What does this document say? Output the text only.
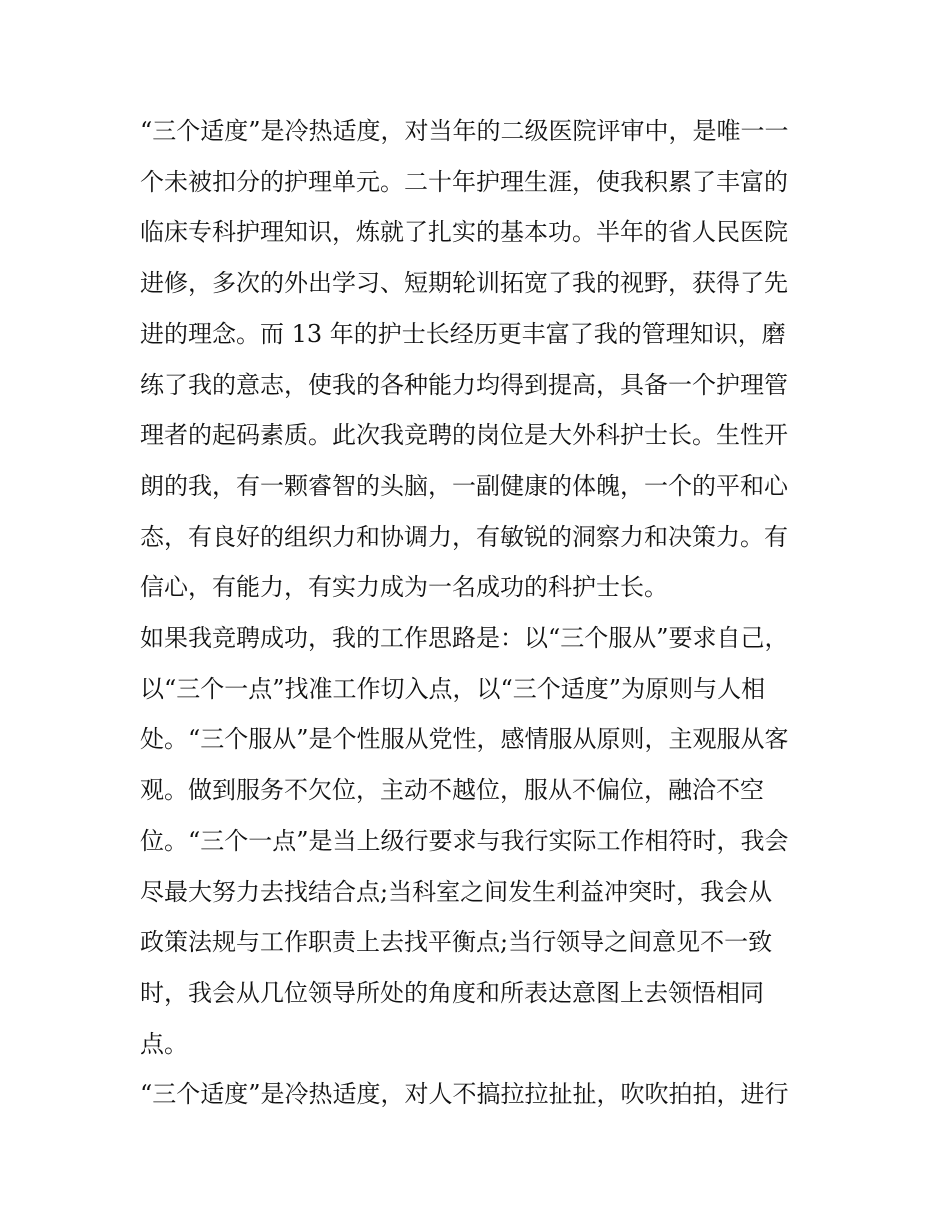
“三个适度”是冷热适度，对当年的二级医院评审中，是唯一一
个未被扣分的护理单元。二十年护理生涯，使我积累了丰富的
临床专科护理知识，炼就了扎实的基本功。半年的省人民医院
进修，多次的外出学习、短期轮训拓宽了我的视野，获得了先
进的理念。而 13 年的护士长经历更丰富了我的管理知识，磨
练了我的意志，使我的各种能力均得到提高，具备一个护理管
理者的起码素质。此次我竞聘的岗位是大外科护士长。生性开
朗的我，有一颗睿智的头脑，一副健康的体魄，一个的平和心
态，有良好的组织力和协调力，有敏锐的洞察力和决策力。有
信心，有能力，有实力成为一名成功的科护士长。
如果我竞聘成功，我的工作思路是：以“三个服从”要求自己，
以“三个一点”找准工作切入点，以“三个适度”为原则与人相
处。“三个服从”是个性服从党性，感情服从原则，主观服从客
观。做到服务不欠位，主动不越位，服从不偏位，融洽不空
位。“三个一点”是当上级行要求与我行实际工作相符时，我会
尽最大努力去找结合点;当科室之间发生利益冲突时，我会从
政策法规与工作职责上去找平衡点;当行领导之间意见不一致
时，我会从几位领导所处的角度和所表达意图上去领悟相同
点。
“三个适度”是冷热适度，对人不搞拉拉扯扯，吹吹拍拍，进行
